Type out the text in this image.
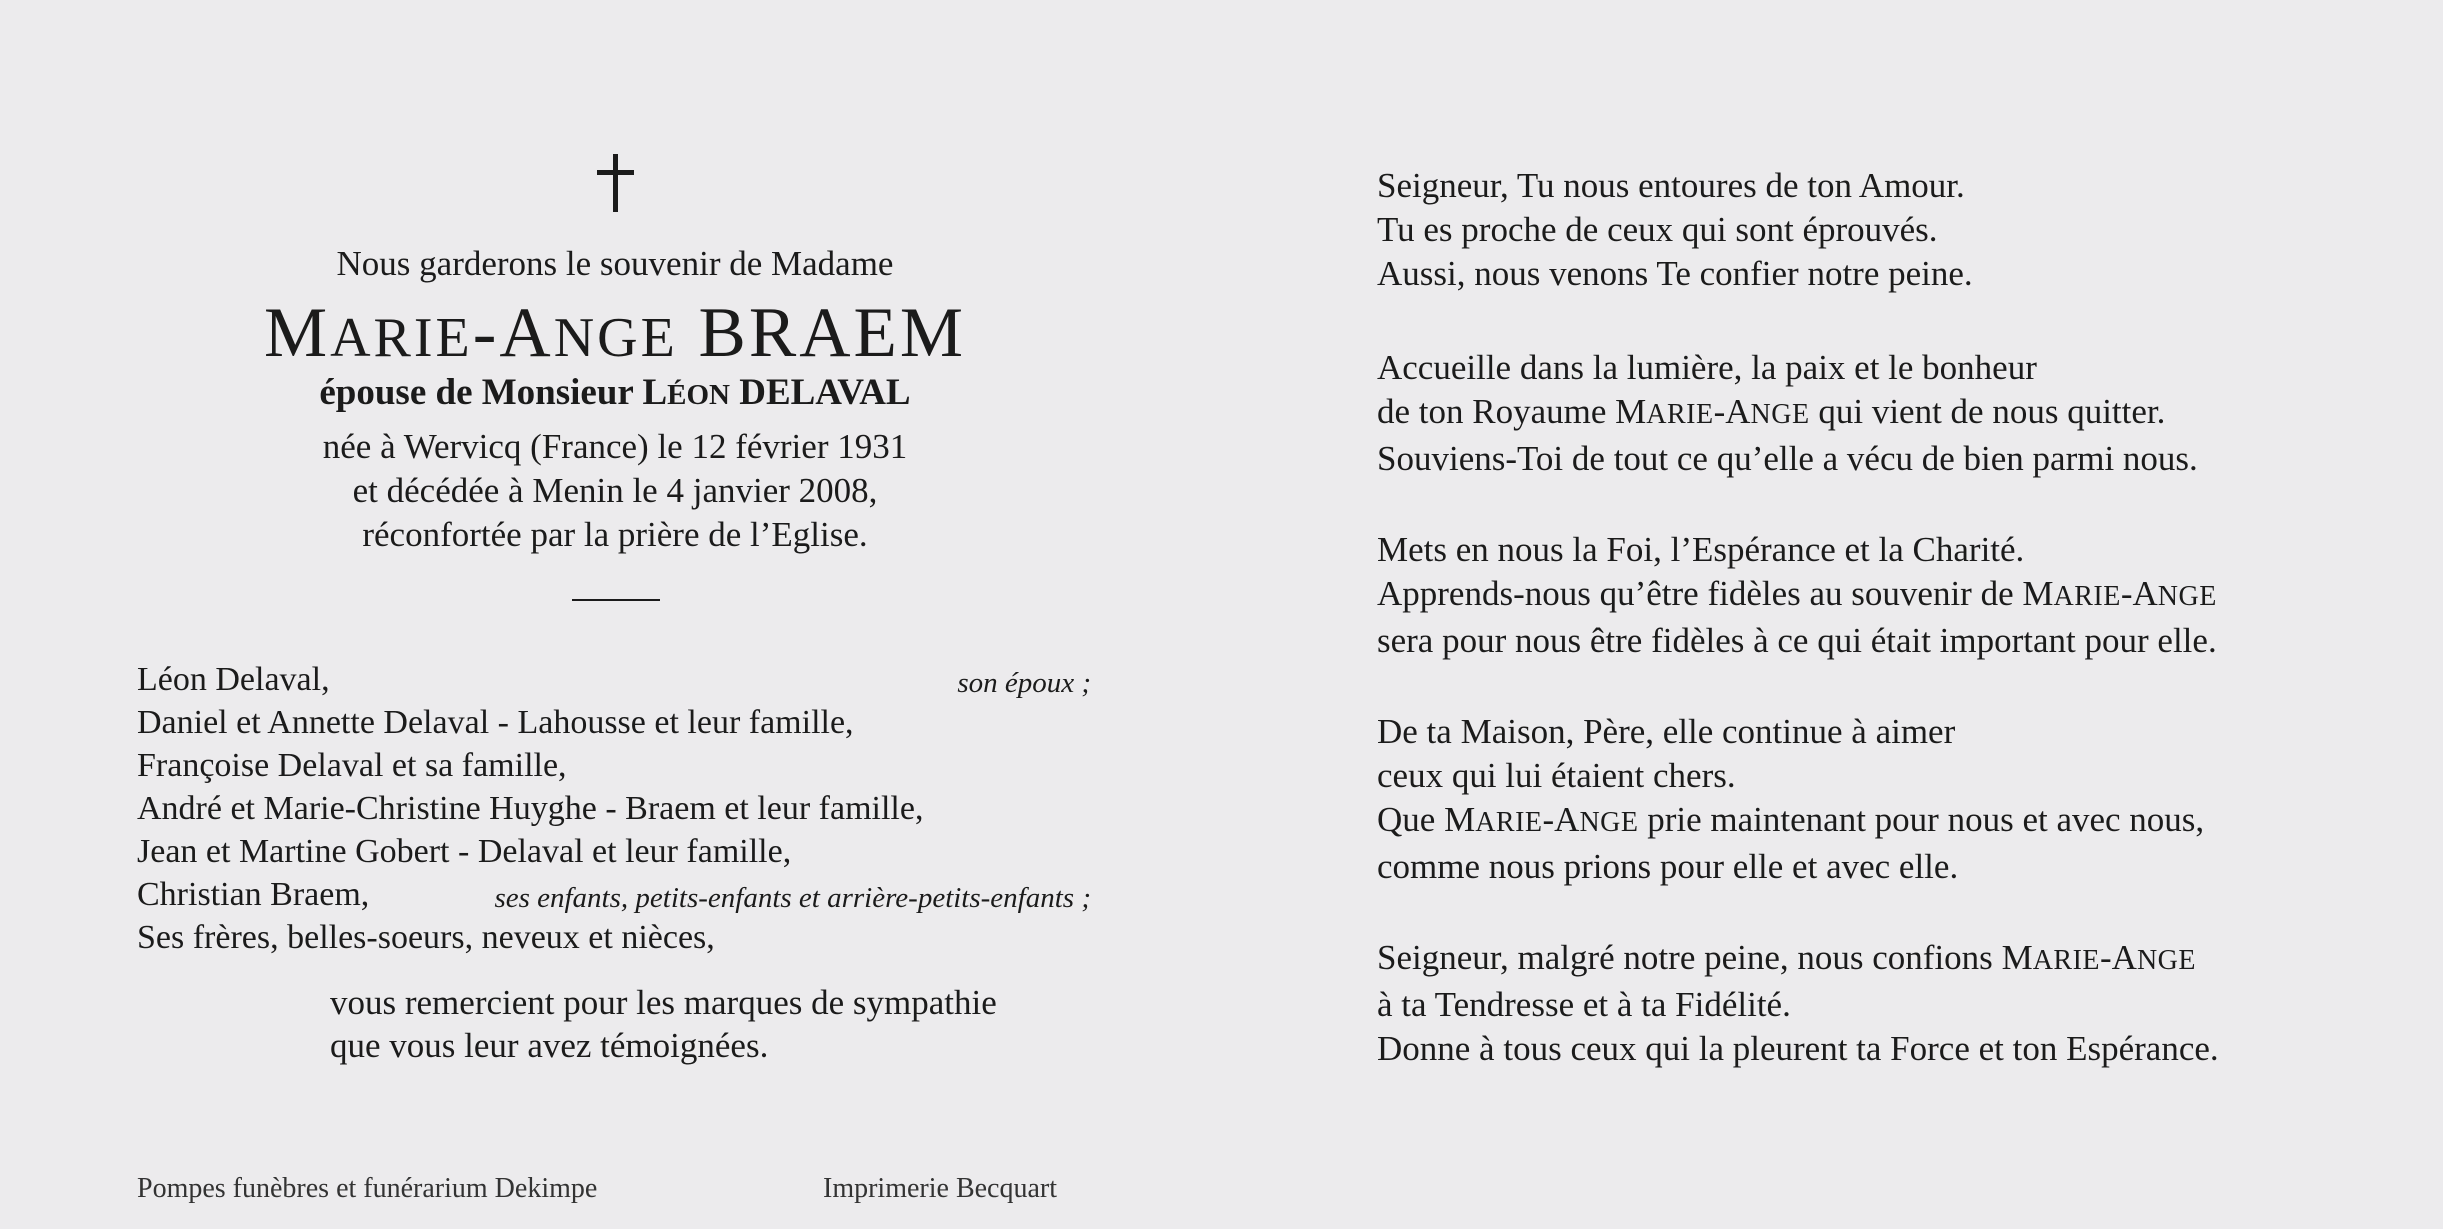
Nous garderons le souvenir de Madame
MARIE-ANGE BRAEM
épouse de Monsieur LÉON DELAVAL
née à Wervicq (France) le 12 février 1931
et décédée à Menin le 4 janvier 2008,
réconfortée par la prière de l’Eglise.
Léon Delaval,	son époux ;
Daniel et Annette Delaval - Lahousse et leur famille,
Françoise Delaval et sa famille,
André et Marie-Christine Huyghe - Braem et leur famille,
Jean et Martine Gobert - Delaval et leur famille,
Christian Braem,	ses enfants, petits-enfants et arrière-petits-enfants ;
Ses frères, belles-soeurs, neveux et nièces,
vous remercient pour les marques de sympathie
que vous leur avez témoignées.
Pompes funèbres et funérarium Dekimpe	Imprimerie Becquart
Seigneur, Tu nous entoures de ton Amour.
Tu es proche de ceux qui sont éprouvés.
Aussi, nous venons Te confier notre peine.
Accueille dans la lumière, la paix et le bonheur
de ton Royaume MARIE-ANGE qui vient de nous quitter.
Souviens-Toi de tout ce qu’elle a vécu de bien parmi nous.
Mets en nous la Foi, l’Espérance et la Charité.
Apprends-nous qu’être fidèles au souvenir de MARIE-ANGE
sera pour nous être fidèles à ce qui était important pour elle.
De ta Maison, Père, elle continue à aimer
ceux qui lui étaient chers.
Que MARIE-ANGE prie maintenant pour nous et avec nous,
comme nous prions pour elle et avec elle.
Seigneur, malgré notre peine, nous confions MARIE-ANGE
à ta Tendresse et à ta Fidélité.
Donne à tous ceux qui la pleurent ta Force et ton Espérance.
